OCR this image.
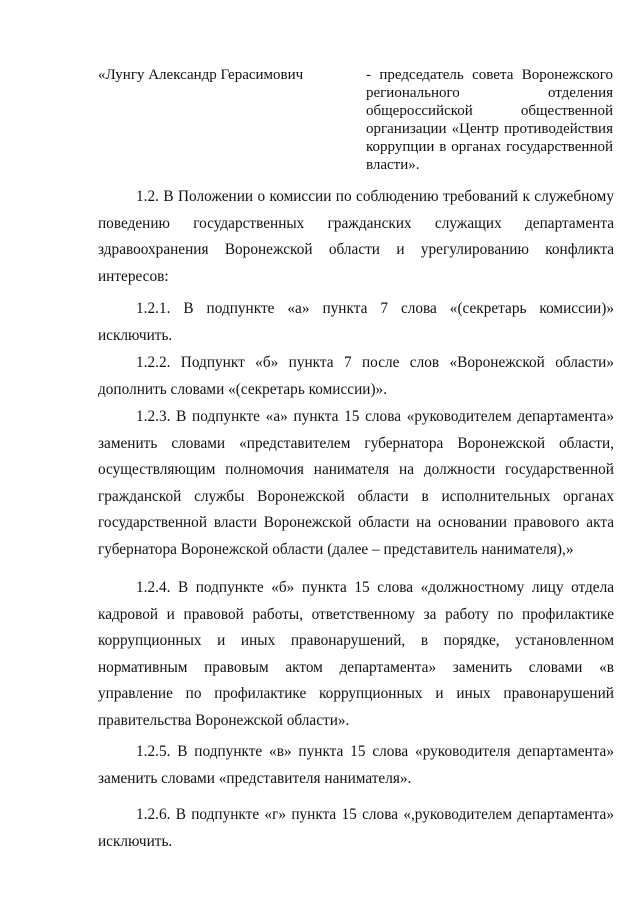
«Лунгу Александр Герасимович	- председатель совета Воронежского регионального отделения общероссийской общественной организации «Центр противодействия коррупции в органах государственной власти».

1.2. В Положении о комиссии по соблюдению требований к служебному поведению государственных гражданских служащих департамента здравоохранения Воронежской области и урегулированию конфликта интересов:

1.2.1. В подпункте «а» пункта 7 слова «(секретарь комиссии)» исключить.

1.2.2. Подпункт «б» пункта 7 после слов «Воронежской области» дополнить словами «(секретарь комиссии)».

1.2.3. В подпункте «а» пункта 15 слова «руководителем департамента» заменить словами «представителем губернатора Воронежской области, осуществляющим полномочия нанимателя на должности государственной гражданской службы Воронежской области в исполнительных органах государственной власти Воронежской области на основании правового акта губернатора Воронежской области (далее – представитель нанимателя),»

1.2.4. В подпункте «б» пункта 15 слова «должностному лицу отдела кадровой и правовой работы, ответственному за работу по профилактике коррупционных и иных правонарушений, в порядке, установленном нормативным правовым актом департамента» заменить словами «в управление по профилактике коррупционных и иных правонарушений правительства Воронежской области».

1.2.5. В подпункте «в» пункта 15 слова «руководителя департамента» заменить словами «представителя нанимателя».

1.2.6. В подпункте «г» пункта 15 слова «,руководителем департамента» исключить.
